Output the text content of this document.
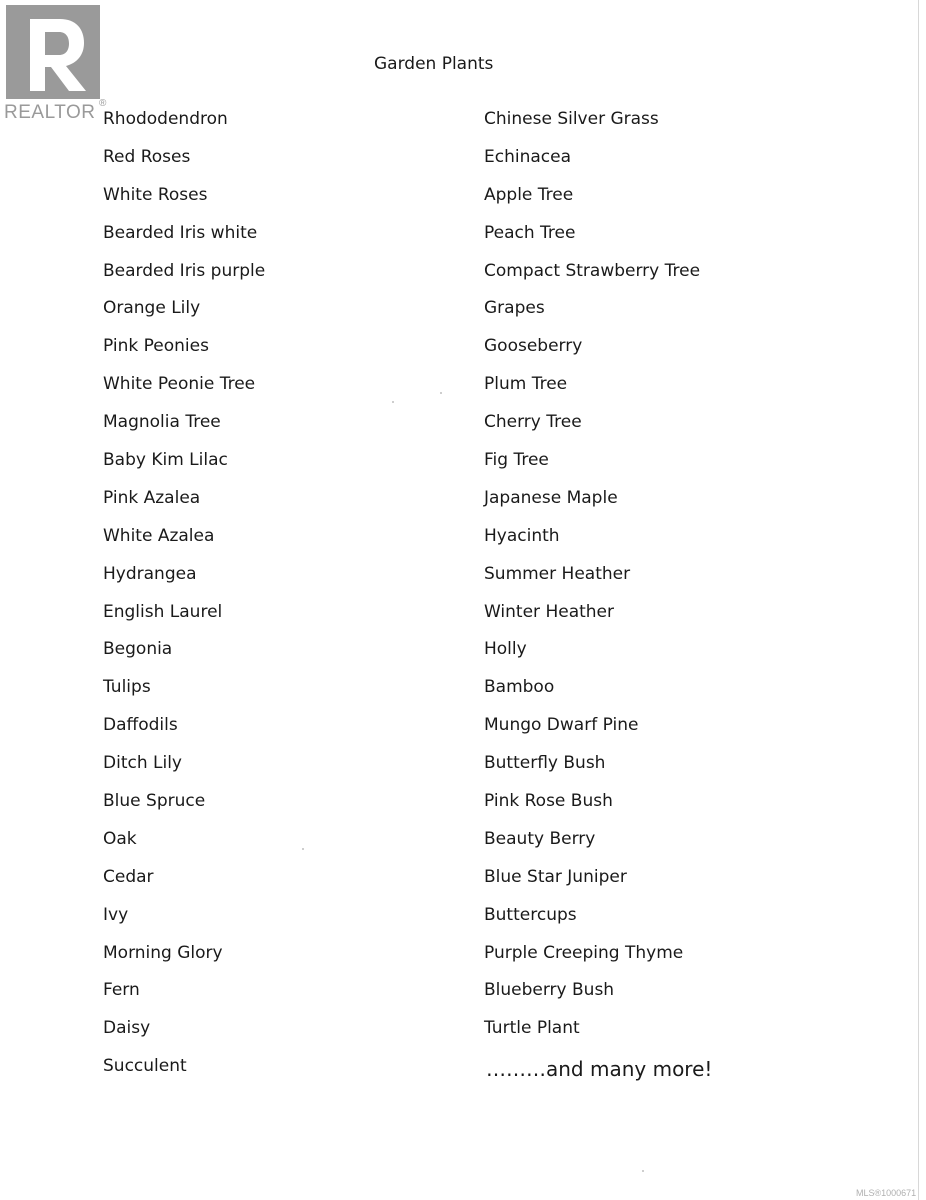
REALTOR ®
Garden Plants
Rhododendron
Red Roses
White Roses
Bearded Iris white
Bearded Iris purple
Orange Lily
Pink Peonies
White Peonie Tree
Magnolia Tree
Baby Kim Lilac
Pink Azalea
White Azalea
Hydrangea
English Laurel
Begonia
Tulips
Daffodils
Ditch Lily
Blue Spruce
Oak
Cedar
Ivy
Morning Glory
Fern
Daisy
Succulent
Chinese Silver Grass
Echinacea
Apple Tree
Peach Tree
Compact Strawberry Tree
Grapes
Gooseberry
Plum Tree
Cherry Tree
Fig Tree
Japanese Maple
Hyacinth
Summer Heather
Winter Heather
Holly
Bamboo
Mungo Dwarf Pine
Butterfly Bush
Pink Rose Bush
Beauty Berry
Blue Star Juniper
Buttercups
Purple Creeping Thyme
Blueberry Bush
Turtle Plant
………and many more!
MLS®1000671
